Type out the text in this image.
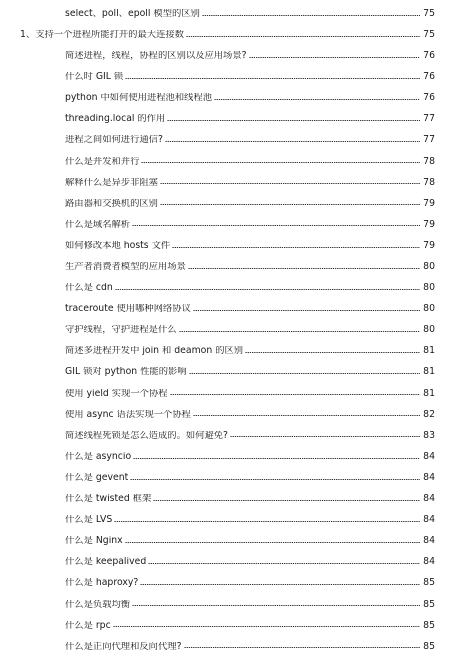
select、poll、epoll 模型的区别	75
1、支持一个进程所能打开的最大连接数	75
简述进程，线程，协程的区别以及应用场景?	76
什么时 GIL 锁	76
python 中如何使用进程池和线程池	76
threading.local 的作用	77
进程之间如何进行通信?	77
什么是并发和并行	78
解释什么是异步非阻塞	78
路由器和交换机的区别	79
什么是域名解析	79
如何修改本地 hosts 文件	79
生产者消费者模型的应用场景	80
什么是 cdn	80
traceroute 使用哪种网络协议	80
守护线程，守护进程是什么	80
简述多进程开发中 join 和 deamon 的区别	81
GIL 锁对 python 性能的影响	81
使用 yield 实现一个协程	81
使用 async 语法实现一个协程	82
简述线程死锁是怎么造成的。如何避免?	83
什么是 asyncio	84
什么是 gevent	84
什么是 twisted 框架	84
什么是 LVS	84
什么是 Nginx	84
什么是 keepalived	84
什么是 haproxy?	85
什么是负载均衡	85
什么是 rpc	85
什么是正向代理和反向代理?	85
